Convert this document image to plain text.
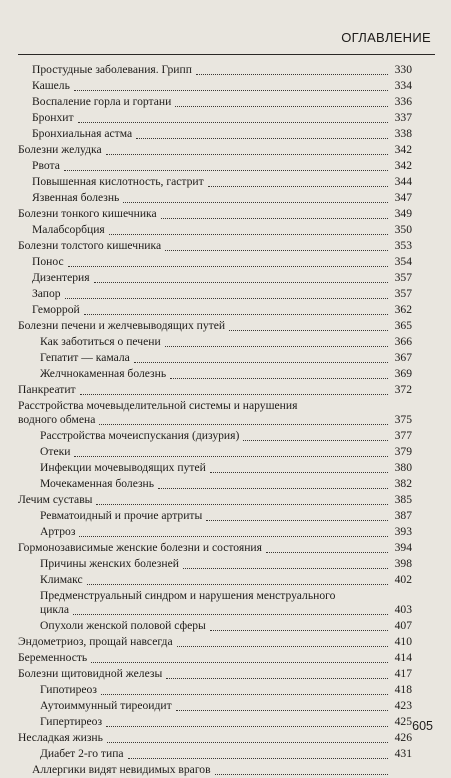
ОГЛАВЛЕНИЕ
Простудные заболевания. Грипп	330
Кашель	334
Воспаление горла и гортани	336
Бронхит	337
Бронхиальная астма	338
Болезни желудка	342
Рвота	342
Повышенная кислотность, гастрит	344
Язвенная болезнь	347
Болезни тонкого кишечника	349
Малабсорбция	350
Болезни толстого кишечника	353
Понос	354
Дизентерия	357
Запор	357
Геморрой	362
Болезни печени и желчевыводящих путей	365
Как заботиться о печени	366
Гепатит — камала	367
Желчнокаменная болезнь	369
Панкреатит	372
Расстройства мочевыделительной системы и нарушения
водного обмена	375
Расстройства мочеиспускания (дизурия)	377
Отеки	379
Инфекции мочевыводящих путей	380
Мочекаменная болезнь	382
Лечим суставы	385
Ревматоидный и прочие артриты	387
Артроз	393
Гормонозависимые женские болезни и состояния	394
Причины женских болезней	398
Климакс	402
Предменструальный синдром и нарушения менструального
цикла	403
Опухоли женской половой сферы	407
Эндометриоз, прощай навсегда	410
Беременность	414
Болезни щитовидной железы	417
Гипотиреоз	418
Аутоиммунный тиреоидит	423
Гипертиреоз	425
Несладкая жизнь	426
Диабет 2-го типа	431
Аллергики видят невидимых врагов
605
